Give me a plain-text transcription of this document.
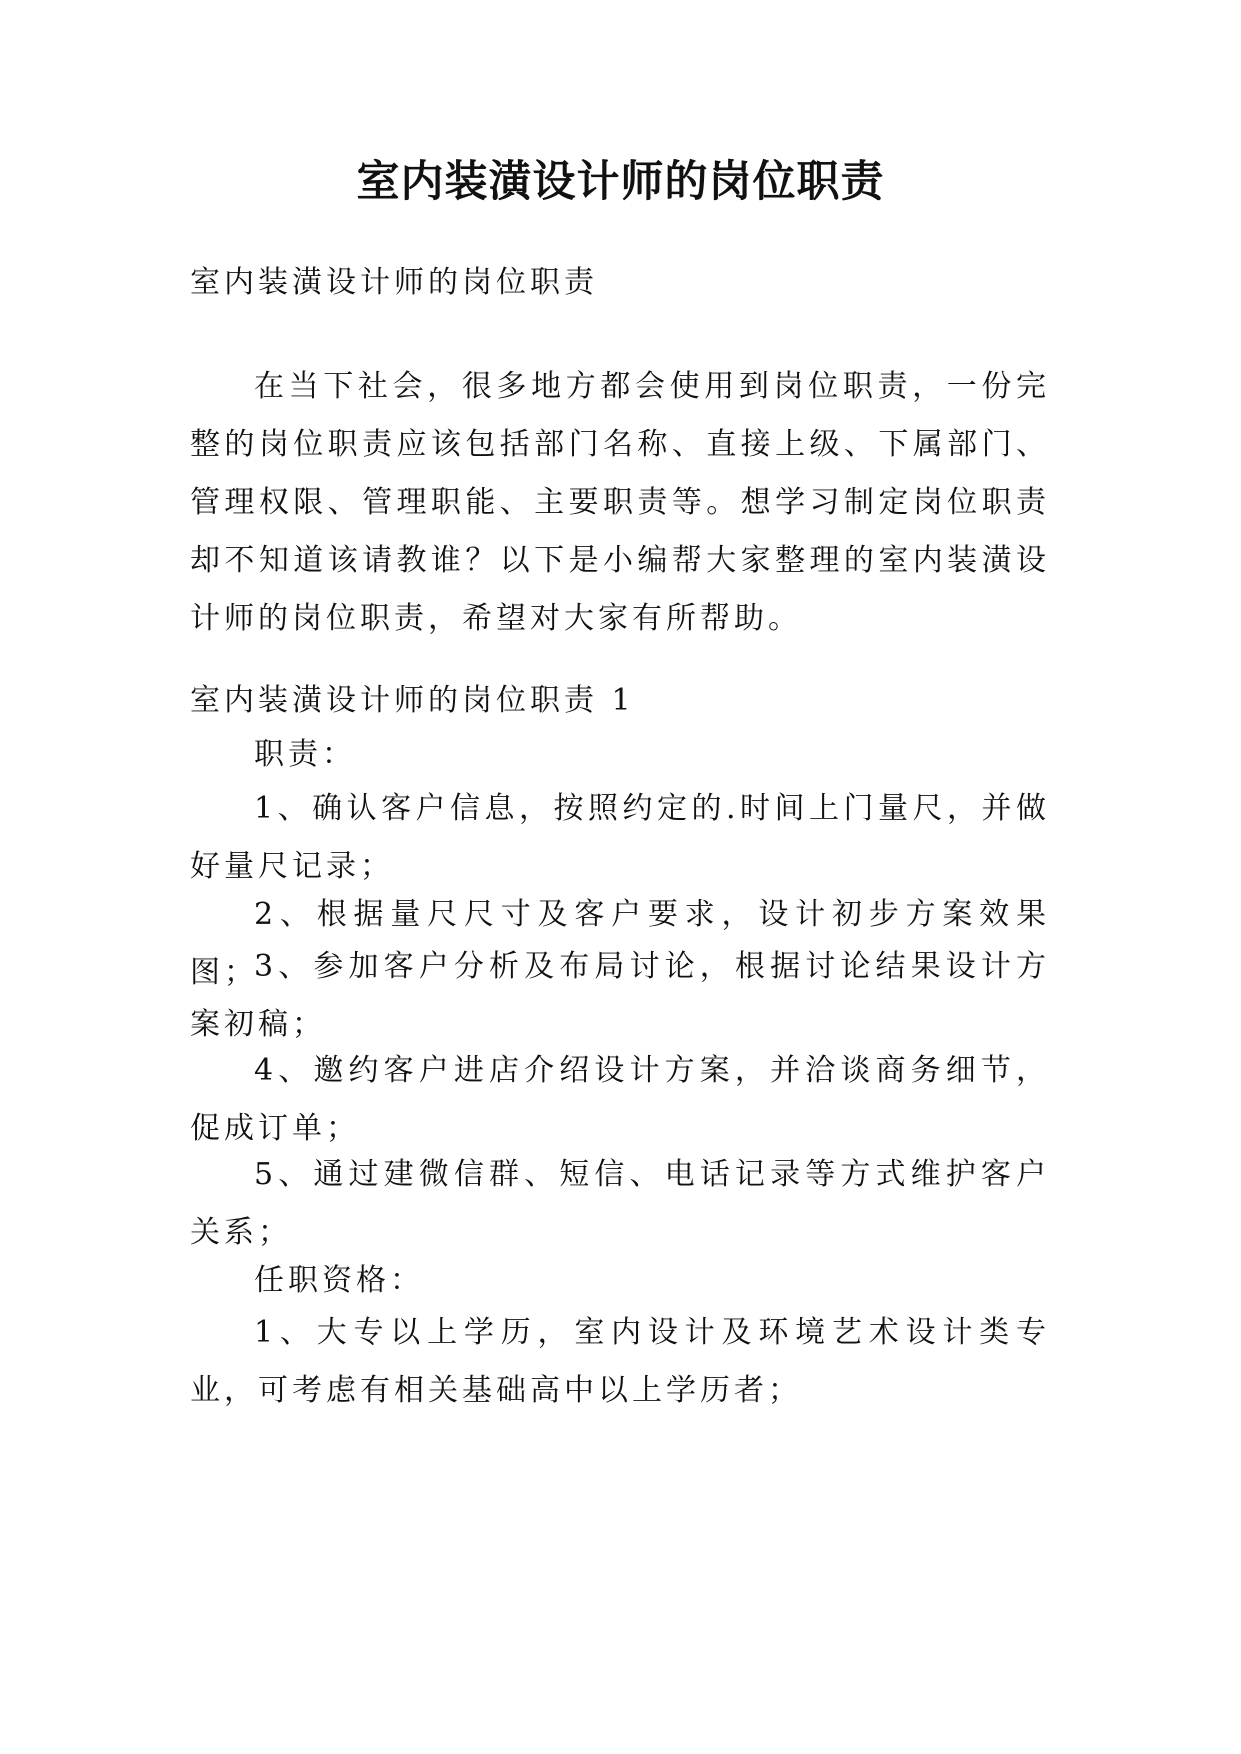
室内装潢设计师的岗位职责

室内装潢设计师的岗位职责

在当下社会，很多地方都会使用到岗位职责，一份完整的岗位职责应该包括部门名称、直接上级、下属部门、管理权限、管理职能、主要职责等。想学习制定岗位职责却不知道该请教谁？以下是小编帮大家整理的室内装潢设计师的岗位职责，希望对大家有所帮助。

室内装潢设计师的岗位职责 1

职责：

1、确认客户信息，按照约定的.时间上门量尺，并做好量尺记录；

2、根据量尺尺寸及客户要求，设计初步方案效果图；

3、参加客户分析及布局讨论，根据讨论结果设计方案初稿；

4、邀约客户进店介绍设计方案，并洽谈商务细节，促成订单；

5、通过建微信群、短信、电话记录等方式维护客户关系；

任职资格：

1、大专以上学历，室内设计及环境艺术设计类专业，可考虑有相关基础高中以上学历者；
